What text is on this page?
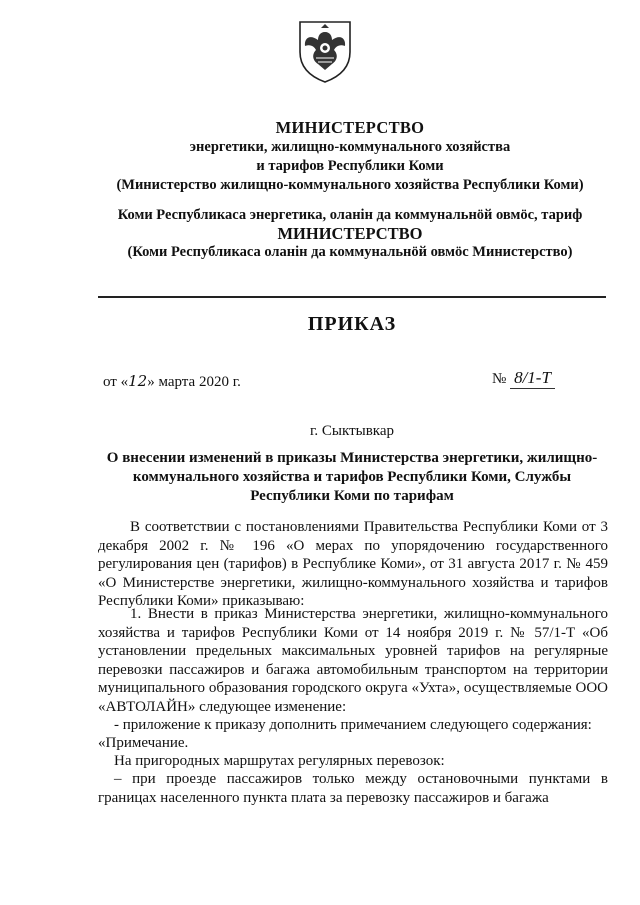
МИНИСТЕРСТВО
энергетики, жилищно-коммунального хозяйства
и тарифов Республики Коми
(Министерство жилищно-коммунального хозяйства Республики Коми)
Коми Республикаса энергетика, оланiн да коммунальнӧй овмӧс, тариф
МИНИСТЕРСТВО
(Коми Республикаса оланiн да коммунальнӧй овмӧс Министерство)
ПРИКАЗ
от «12» марта 2020 г.	№ 8/1-Т
г. Сыктывкар
О внесении изменений в приказы Министерства энергетики, жилищно-коммунального хозяйства и тарифов Республики Коми, Службы Республики Коми по тарифам
В соответствии с постановлениями Правительства Республики Коми от 3 декабря 2002 г. № 196 «О мерах по упорядочению государственного регулирования цен (тарифов) в Республике Коми», от 31 августа 2017 г. № 459 «О Министерстве энергетики, жилищно-коммунального хозяйства и тарифов Республики Коми» приказываю:
1. Внести в приказ Министерства энергетики, жилищно-коммунального хозяйства и тарифов Республики Коми от 14 ноября 2019 г. № 57/1-Т «Об установлении предельных максимальных уровней тарифов на регулярные перевозки пассажиров и багажа автомобильным транспортом на территории муниципального образования городского округа «Ухта», осуществляемые ООО «АВТОЛАЙН» следующее изменение:
- приложение к приказу дополнить примечанием следующего содержания:
«Примечание.
На пригородных маршрутах регулярных перевозок:
– при проезде пассажиров только между остановочными пунктами в границах населенного пункта плата за перевозку пассажиров и багажа
